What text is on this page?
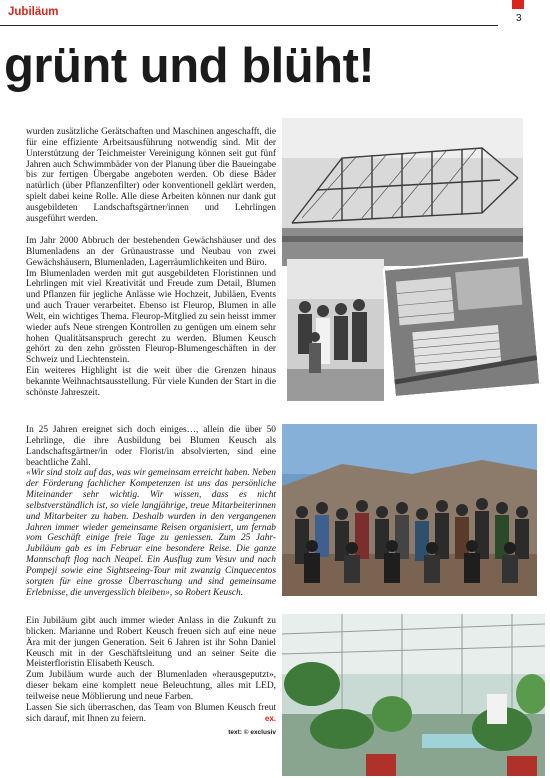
Jubiläum
3
grünt und blüht!

wurden zusätzliche Gerätschaften und Maschinen angeschafft, die für eine effiziente Arbeitsausführung notwendig sind. Mit der Unterstützung der Teichmeister Vereinigung können seit gut fünf Jahren auch Schwimmbäder von der Planung über die Baueingabe bis zur fertigen Übergabe angeboten werden. Ob diese Bäder natürlich (über Pflanzenfilter) oder konventionell geklärt werden, spielt dabei keine Rolle. Alle diese Arbeiten können nur dank gut ausgebildeten Landschaftsgärtner/innen und Lehrlingen ausgeführt werden.

Im Jahr 2000 Abbruch der bestehenden Gewächshäuser und des Blumenladens an der Grünaustrasse und Neubau von zwei Gewächshäusern, Blumenladen, Lagerräumlichkeiten und Büro.

Im Blumenladen werden mit gut ausgebildeten Floristinnen und Lehrlingen mit viel Kreativität und Freude zum Detail, Blumen und Pflanzen für jegliche Anlässe wie Hochzeit, Jubiläen, Events und auch Trauer verarbeitet. Ebenso ist Fleurop, Blumen in alle Welt, ein wichtiges Thema. Fleurop-Mitglied zu sein heisst immer wieder aufs Neue strengen Kontrollen zu genügen um einem sehr hohen Qualitätsanspruch gerecht zu werden. Blumen Keusch gehört zu den zehn grössten Fleurop-Blumengeschäften in der Schweiz und Liechtenstein.

Ein weiteres Highlight ist die weit über die Grenzen hinaus bekannte Weihnachtsausstellung. Für viele Kunden der Start in die schönste Jahreszeit.

In 25 Jahren ereignet sich doch einiges…, allein die über 50 Lehrlinge, die ihre Ausbildung bei Blumen Keusch als Landschaftsgärtner/in oder Florist/in absolvierten, sind eine beachtliche Zahl.

«Wir sind stolz auf das, was wir gemeinsam erreicht haben. Neben der Förderung fachlicher Kompetenzen ist uns das persönliche Miteinander sehr wichtig. Wir wissen, dass es nicht selbstverständlich ist, so viele langjährige, treue Mitarbeiterinnen und Mitarbeiter zu haben. Deshalb wurden in den vergangenen Jahren immer wieder gemeinsame Reisen organisiert, um fernab vom Geschäft einige freie Tage zu geniessen. Zum 25 Jahr-Jubiläum gab es im Februar eine besondere Reise. Die ganze Mannschaft flog nach Neapel. Ein Ausflug zum Vesuv und nach Pompeji sowie eine Sightseeing-Tour mit zwanzig Cinquecentos sorgten für eine grosse Überraschung und sind gemeinsame Erlebnisse, die unvergesslich bleiben», so Robert Keusch.

Ein Jubiläum gibt auch immer wieder Anlass in die Zukunft zu blicken. Marianne und Robert Keusch freuen sich auf eine neue Ära mit der jungen Generation. Seit 6 Jahren ist ihr Sohn Daniel Keusch mit in der Geschäftsleitung und an seiner Seite die Meisterfloristin Elisabeth Keusch.

Zum Jubiläum wurde auch der Blumenladen «herausgeputzt», dieser bekam eine komplett neue Beleuchtung, alles mit LED, teilweise neue Möblierung und neue Farben.

Lassen Sie sich überraschen, das Team von Blumen Keusch freut sich darauf, mit Ihnen zu feiern.	ex.

text: © exclusiv
